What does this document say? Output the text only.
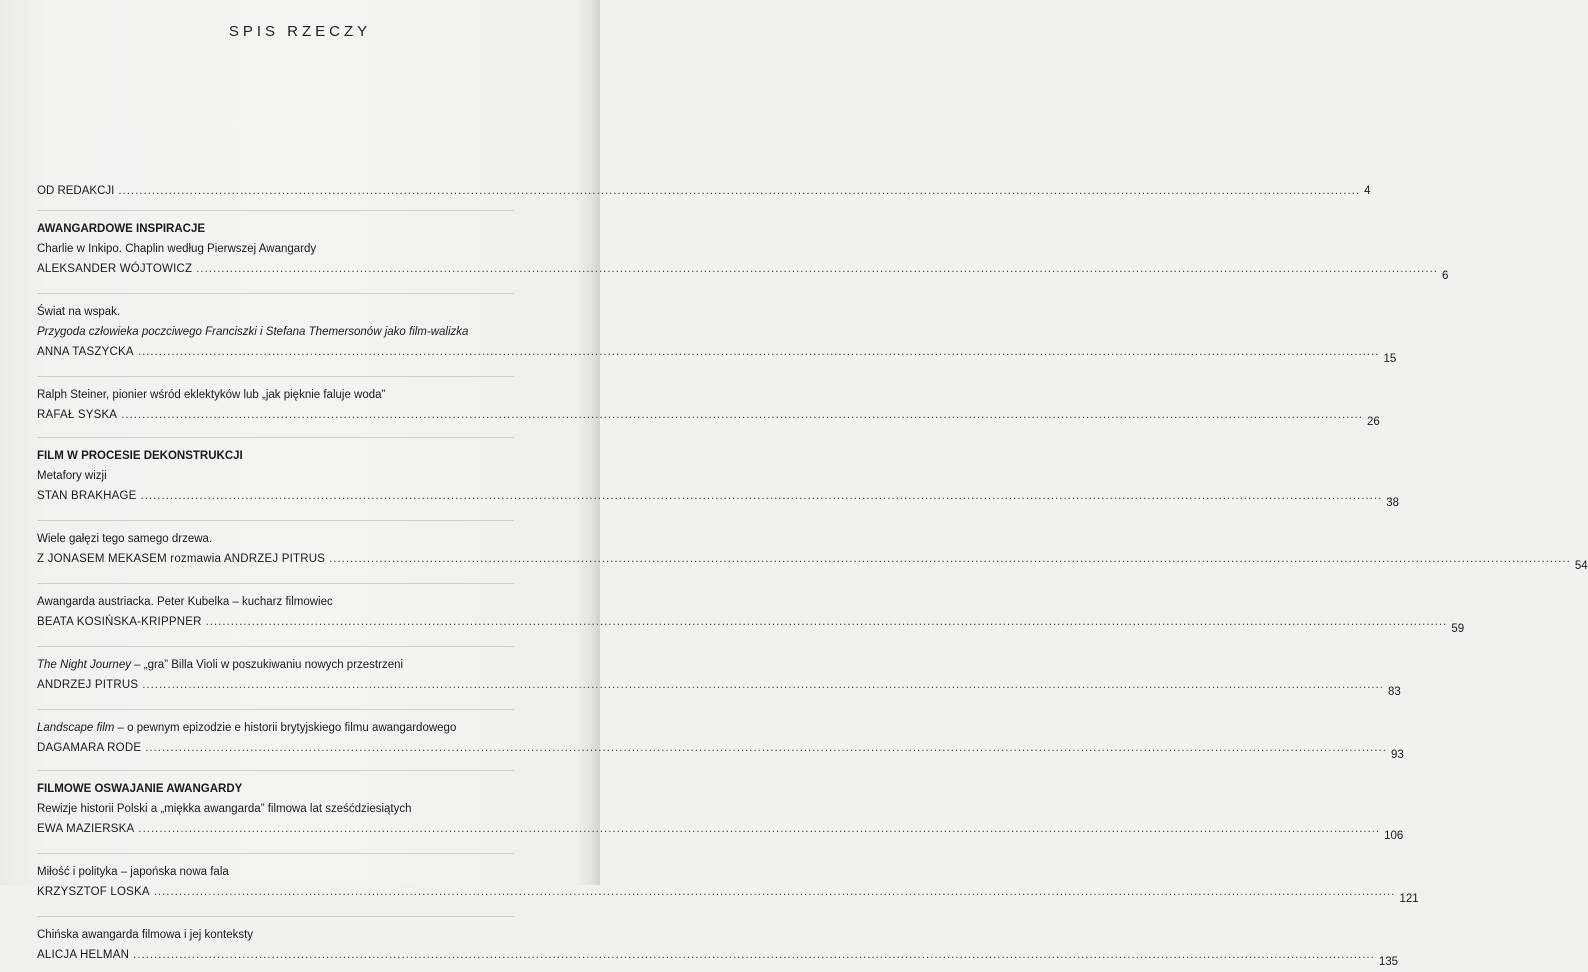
SPIS RZECZY
OD REDAKCJI
.....	4
AWANGARDOWE INSPIRACJE
Charlie w Inkipo. Chaplin według Pierwszej Awangardy
ALEKSANDER WÓJTOWICZ
.....
6
Świat na wspak.
Przygoda człowieka poczciwego Franciszki i Stefana Themersonów jako film-walizka
ANNA TASZYCKA
.....
15
Ralph Steiner, pionier wśród eklektyków lub „jak pięknie faluje woda”
RAFAŁ SYSKA
.....
26
FILM W PROCESIE DEKONSTRUKCJI
Metafory wizji
STAN BRAKHAGE
.....
38
Wiele gałęzi tego samego drzewa.
Z JONASEM MEKASEM rozmawia ANDRZEJ PITRUS
.....
54
Awangarda austriacka. Peter Kubelka – kucharz filmowiec
BEATA KOSIŃSKA-KRIPPNER
.....
59
The Night Journey – „gra” Billa Violi w poszukiwaniu nowych przestrzeni
ANDRZEJ PITRUS
.....
83
Landscape film – o pewnym epizodzie e historii brytyjskiego filmu awangardowego
DAGAMARA RODE
.....
93
FILMOWE OSWAJANIE AWANGARDY
Rewizje historii Polski a „miękka awangarda” filmowa lat sześćdziesiątych
EWA MAZIERSKA
.....
106
Miłość i polityka – japońska nowa fala
KRZYSZTOF LOSKA
.....
121
Chińska awangarda filmowa i jej konteksty
ALICJA HELMAN
.....
135
